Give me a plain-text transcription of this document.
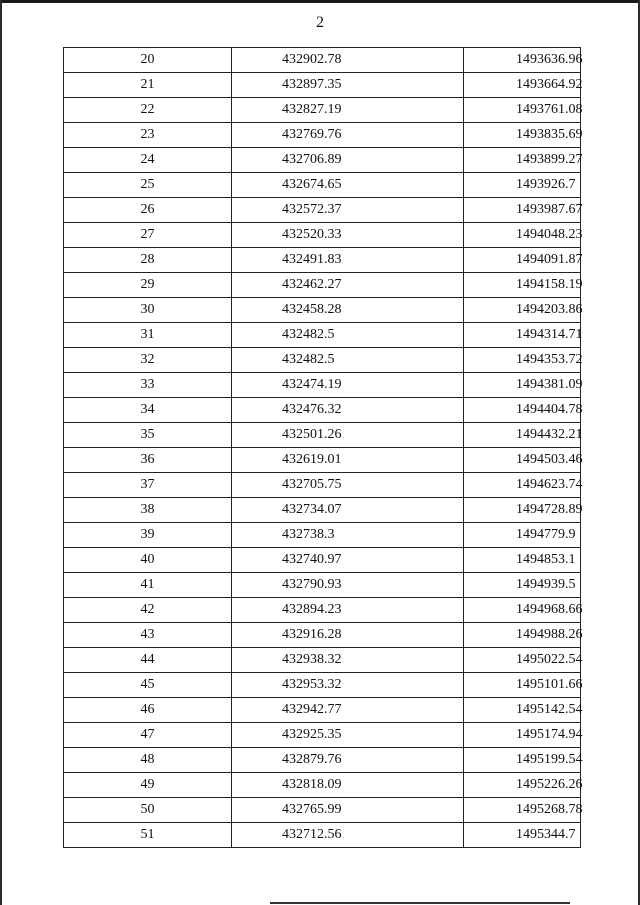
2
20	432902.78	1493636.96
21	432897.35	1493664.92
22	432827.19	1493761.08
23	432769.76	1493835.69
24	432706.89	1493899.27
25	432674.65	1493926.7
26	432572.37	1493987.67
27	432520.33	1494048.23
28	432491.83	1494091.87
29	432462.27	1494158.19
30	432458.28	1494203.86
31	432482.5	1494314.71
32	432482.5	1494353.72
33	432474.19	1494381.09
34	432476.32	1494404.78
35	432501.26	1494432.21
36	432619.01	1494503.46
37	432705.75	1494623.74
38	432734.07	1494728.89
39	432738.3	1494779.9
40	432740.97	1494853.1
41	432790.93	1494939.5
42	432894.23	1494968.66
43	432916.28	1494988.26
44	432938.32	1495022.54
45	432953.32	1495101.66
46	432942.77	1495142.54
47	432925.35	1495174.94
48	432879.76	1495199.54
49	432818.09	1495226.26
50	432765.99	1495268.78
51	432712.56	1495344.7
